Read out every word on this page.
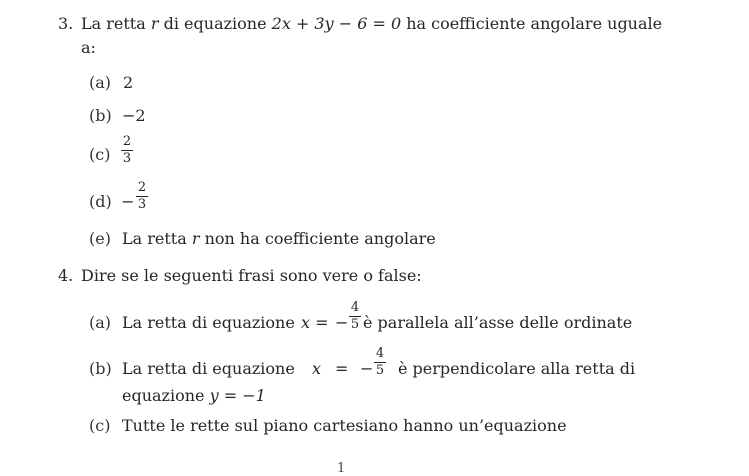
3. La retta r di equazione 2x + 3y − 6 = 0 ha coefficiente angolare uguale
a:
(a) 2
(b) −2
(c)
2
3
(d) −
2
3
(e) La retta r non ha coefficiente angolare
4. Dire se le seguenti frasi sono vere o false:
(a) La retta di equazione x = −
4
5 è parallela all’asse delle ordinate
(b) La retta di equazione x = −
4
5 è perpendicolare alla retta di
equazione y = −1
(c) Tutte le rette sul piano cartesiano hanno un’equazione
1
